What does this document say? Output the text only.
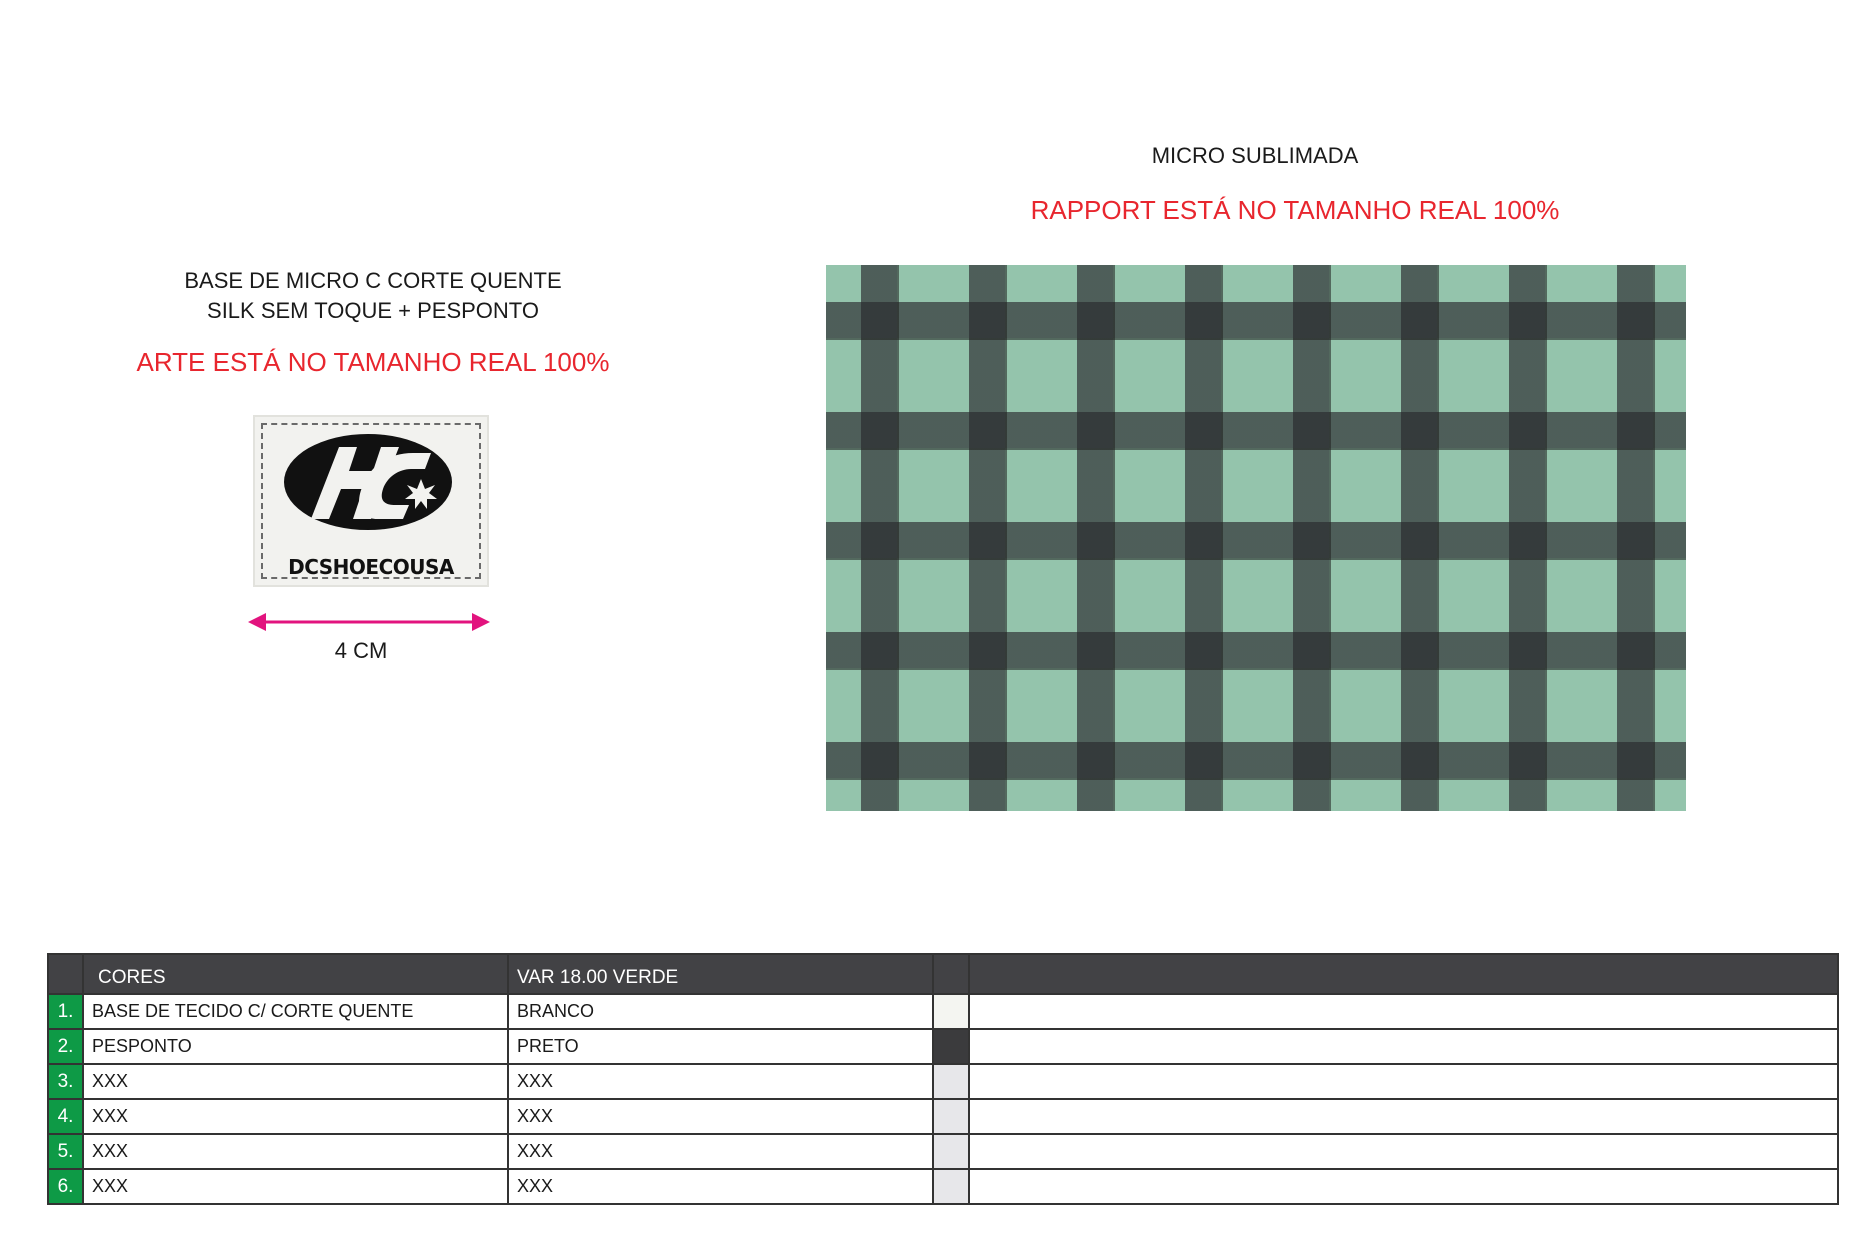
BASE DE MICRO C CORTE QUENTE
SILK SEM TOQUE + PESPONTO
ARTE ESTÁ NO TAMANHO REAL 100%
DCSHOECOUSA
4 CM
MICRO SUBLIMADA
RAPPORT ESTÁ NO TAMANHO REAL 100%
	CORES	VAR 18.00 VERDE		
1.	BASE DE TECIDO C/ CORTE QUENTE	BRANCO	

2.	PESPONTO	PRETO	

3.	XXX	XXX	

4.	XXX	XXX	

5.	XXX	XXX	

6.	XXX	XXX	
